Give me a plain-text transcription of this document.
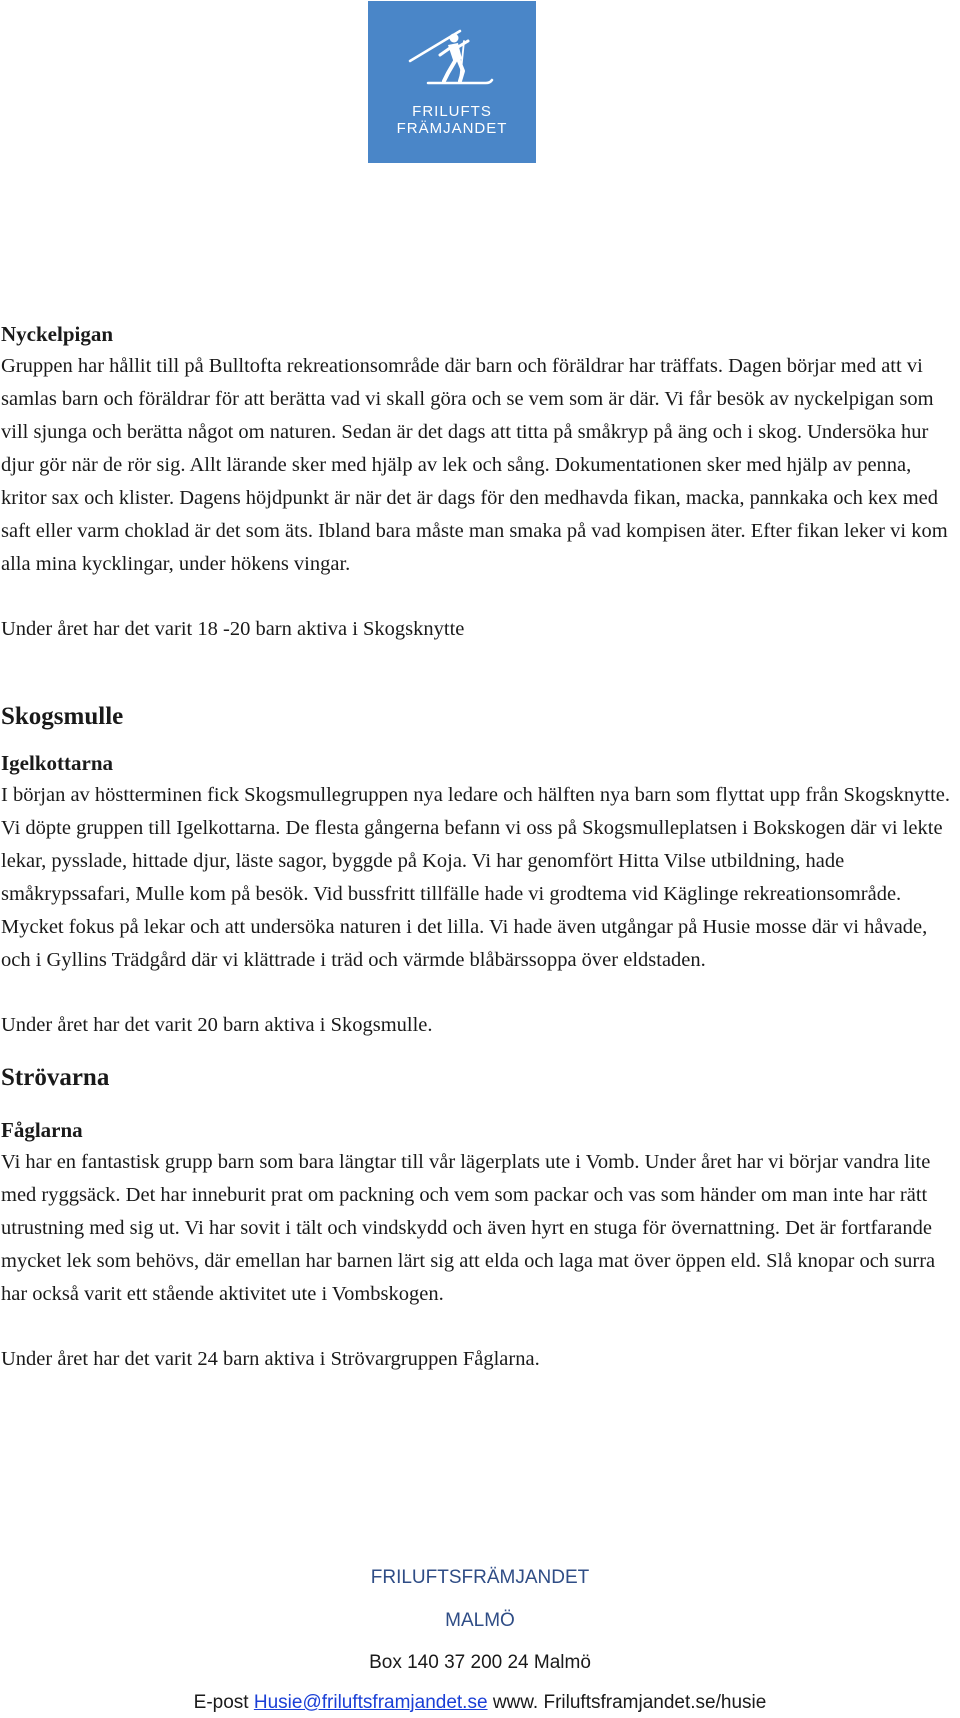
FRILUFTS
FRÄMJANDET
Nyckelpigan

Gruppen har hållit till på Bulltofta rekreationsområde där barn och föräldrar har träffats. Dagen börjar med att vi samlas barn och föräldrar för att berätta vad vi skall göra och se vem som är där. Vi får besök av nyckelpigan som vill sjunga och berätta något om naturen. Sedan är det dags att titta på småkryp på äng och i skog. Undersöka hur djur gör när de rör sig. Allt lärande sker med hjälp av lek och sång. Dokumentationen sker med hjälp av penna, kritor sax och klister. Dagens höjdpunkt är när det är dags för den medhavda fikan, macka, pannkaka och kex med saft eller varm choklad är det som äts. Ibland bara måste man smaka på vad kompisen äter. Efter fikan leker vi kom alla mina kycklingar, under hökens vingar.

Under året har det varit 18 -20 barn aktiva i Skogsknytte

Skogsmulle
Igelkottarna

I början av höstterminen fick Skogsmullegruppen nya ledare och hälften nya barn som flyttat upp från Skogsknytte. Vi döpte gruppen till Igelkottarna. De flesta gångerna befann vi oss på Skogsmulleplatsen i Bokskogen där vi lekte lekar, pysslade, hittade djur, läste sagor, byggde på Koja. Vi har genomfört Hitta Vilse utbildning, hade småkrypssafari, Mulle kom på besök. Vid bussfritt tillfälle hade vi grodtema vid Käglinge rekreationsområde. Mycket fokus på lekar och att undersöka naturen i det lilla. Vi hade även utgångar på Husie mosse där vi håvade, och i Gyllins Trädgård där vi klättrade i träd och värmde blåbärssoppa över eldstaden.

Under året har det varit 20 barn aktiva i Skogsmulle.

Strövarna
Fåglarna

Vi har en fantastisk grupp barn som bara längtar till vår lägerplats ute i Vomb. Under året har vi börjar vandra lite med ryggsäck. Det har inneburit prat om packning och vem som packar och vas som händer om man inte har rätt utrustning med sig ut. Vi har sovit i tält och vindskydd och även hyrt en stuga för övernattning. Det är fortfarande mycket lek som behövs, där emellan har barnen lärt sig att elda och laga mat över öppen eld. Slå knopar och surra har också varit ett stående aktivitet ute i Vombskogen.

Under året har det varit 24 barn aktiva i Strövargruppen Fåglarna.

FRILUFTSFRÄMJANDET
MALMÖ
Box 140 37 200 24 Malmö
E-post Husie@friluftsframjandet.se www. Friluftsframjandet.se/husie
